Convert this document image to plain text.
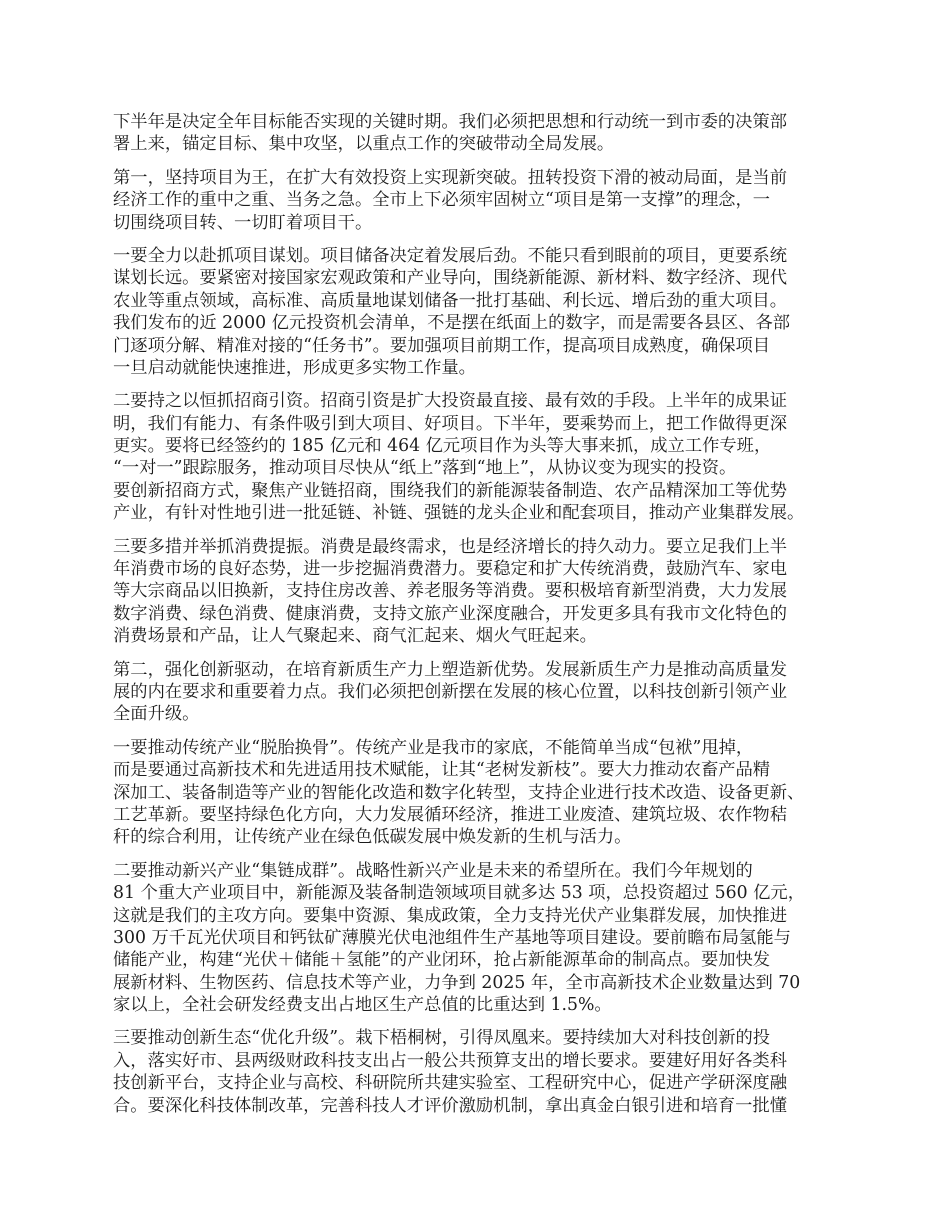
下半年是决定全年目标能否实现的关键时期。我们必须把思想和行动统一到市委的决策部
署上来，锚定目标、集中攻坚，以重点工作的突破带动全局发展。
第一，坚持项目为王，在扩大有效投资上实现新突破。扭转投资下滑的被动局面，是当前
经济工作的重中之重、当务之急。全市上下必须牢固树立“项目是第一支撑”的理念，一
切围绕项目转、一切盯着项目干。
一要全力以赴抓项目谋划。项目储备决定着发展后劲。不能只看到眼前的项目，更要系统
谋划长远。要紧密对接国家宏观政策和产业导向，围绕新能源、新材料、数字经济、现代
农业等重点领域，高标准、高质量地谋划储备一批打基础、利长远、增后劲的重大项目。
我们发布的近 2000 亿元投资机会清单，不是摆在纸面上的数字，而是需要各县区、各部
门逐项分解、精准对接的“任务书”。要加强项目前期工作，提高项目成熟度，确保项目
一旦启动就能快速推进，形成更多实物工作量。
二要持之以恒抓招商引资。招商引资是扩大投资最直接、最有效的手段。上半年的成果证
明，我们有能力、有条件吸引到大项目、好项目。下半年，要乘势而上，把工作做得更深
更实。要将已经签约的 185 亿元和 464 亿元项目作为头等大事来抓，成立工作专班，
“一对一”跟踪服务，推动项目尽快从“纸上”落到“地上”，从协议变为现实的投资。
要创新招商方式，聚焦产业链招商，围绕我们的新能源装备制造、农产品精深加工等优势
产业，有针对性地引进一批延链、补链、强链的龙头企业和配套项目，推动产业集群发展。
三要多措并举抓消费提振。消费是最终需求，也是经济增长的持久动力。要立足我们上半
年消费市场的良好态势，进一步挖掘消费潜力。要稳定和扩大传统消费，鼓励汽车、家电
等大宗商品以旧换新，支持住房改善、养老服务等消费。要积极培育新型消费，大力发展
数字消费、绿色消费、健康消费，支持文旅产业深度融合，开发更多具有我市文化特色的
消费场景和产品，让人气聚起来、商气汇起来、烟火气旺起来。
第二，强化创新驱动，在培育新质生产力上塑造新优势。发展新质生产力是推动高质量发
展的内在要求和重要着力点。我们必须把创新摆在发展的核心位置，以科技创新引领产业
全面升级。
一要推动传统产业“脱胎换骨”。传统产业是我市的家底，不能简单当成“包袱”甩掉，
而是要通过高新技术和先进适用技术赋能，让其“老树发新枝”。要大力推动农畜产品精
深加工、装备制造等产业的智能化改造和数字化转型，支持企业进行技术改造、设备更新、
工艺革新。要坚持绿色化方向，大力发展循环经济，推进工业废渣、建筑垃圾、农作物秸
秆的综合利用，让传统产业在绿色低碳发展中焕发新的生机与活力。
二要推动新兴产业“集链成群”。战略性新兴产业是未来的希望所在。我们今年规划的
81 个重大产业项目中，新能源及装备制造领域项目就多达 53 项，总投资超过 560 亿元，
这就是我们的主攻方向。要集中资源、集成政策，全力支持光伏产业集群发展，加快推进
300 万千瓦光伏项目和钙钛矿薄膜光伏电池组件生产基地等项目建设。要前瞻布局氢能与
储能产业，构建“光伏＋储能＋氢能”的产业闭环，抢占新能源革命的制高点。要加快发
展新材料、生物医药、信息技术等产业，力争到 2025 年，全市高新技术企业数量达到 70
家以上，全社会研发经费支出占地区生产总值的比重达到 1.5%。
三要推动创新生态“优化升级”。栽下梧桐树，引得凤凰来。要持续加大对科技创新的投
入，落实好市、县两级财政科技支出占一般公共预算支出的增长要求。要建好用好各类科
技创新平台，支持企业与高校、科研院所共建实验室、工程研究中心，促进产学研深度融
合。要深化科技体制改革，完善科技人才评价激励机制，拿出真金白银引进和培育一批懂
